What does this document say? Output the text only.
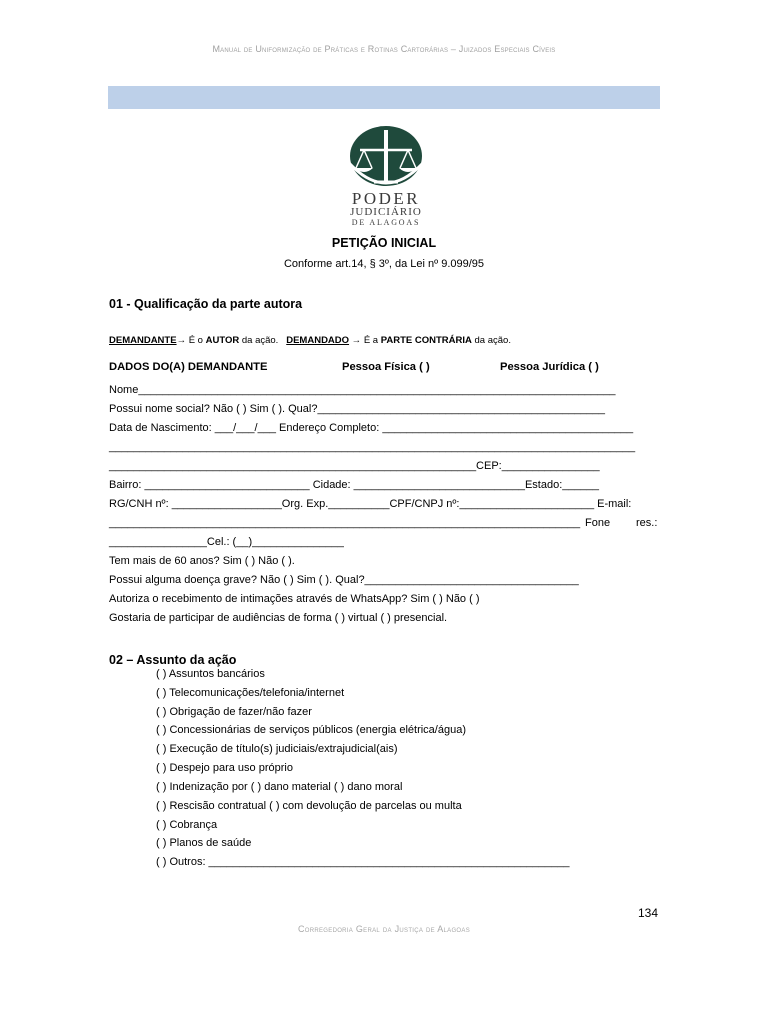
Manual de Uniformização de Práticas e Rotinas Cartorárias – Juizados Especiais Cíveis
PODER
JUDICIÁRIO
DE ALAGOAS
PETIÇÃO INICIAL
Conforme art.14, § 3º, da Lei nº 9.099/95
01 - Qualificação da parte autora
DEMANDANTE→ É o AUTOR da ação. DEMANDADO → É a PARTE CONTRÁRIA da ação.
DADOS DO(A) DEMANDANTE	Pessoa Física ( )	Pessoa Jurídica ( )
Nome______________________________________________________________________________
Possui nome social? Não ( ) Sim ( ). Qual?_______________________________________________
Data de Nascimento: ___/___/___ Endereço Completo: _________________________________________
______________________________________________________________________________________
____________________________________________________________CEP:________________
Bairro: ___________________________ Cidade: ____________________________Estado:______
RG/CNH nº: __________________Org. Exp.__________CPF/CNPJ nº:______________________ E-mail:
_____________________________________________________________________________ Fone res.:
________________Cel.: (__)_______________
Tem mais de 60 anos? Sim ( ) Não ( ).
Possui alguma doença grave? Não ( ) Sim ( ). Qual?___________________________________
Autoriza o recebimento de intimações através de WhatsApp? Sim ( ) Não ( )
Gostaria de participar de audiências de forma ( ) virtual ( ) presencial.
02 – Assunto da ação
( ) Assuntos bancários
( ) Telecomunicações/telefonia/internet
( ) Obrigação de fazer/não fazer
( ) Concessionárias de serviços públicos (energia elétrica/água)
( ) Execução de título(s) judiciais/extrajudicial(ais)
( ) Despejo para uso próprio
( ) Indenização por ( ) dano material ( ) dano moral
( ) Rescisão contratual ( ) com devolução de parcelas ou multa
( ) Cobrança
( ) Planos de saúde
( ) Outros: ___________________________________________________________
134
Corregedoria Geral da Justiça de Alagoas
